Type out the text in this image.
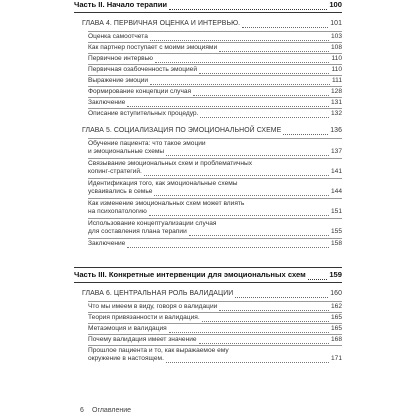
Часть II. Начало терапии	100
ГЛАВА 4. ПЕРВИЧНАЯ ОЦЕНКА И ИНТЕРВЬЮ.	101
Оценка самоотчета	103
Как партнер поступает с моими эмоциями	108
Первичное интервью	110
Первичная озабоченность эмоцией	110
Выражение эмоции	111
Формирование концепции случая	128
Заключение	131
Описание вступительных процедур.	132
ГЛАВА 5. СОЦИАЛИЗАЦИЯ ПО ЭМОЦИОНАЛЬНОЙ СХЕМЕ	136
Обучение пациента: что такое эмоции
и эмоциональные схемы	137
Связывание эмоциональных схем и проблематичных
копинг-стратегий.	141
Идентификация того, как эмоциональные схемы
усваивались в семье	144
Как изменение эмоциональных схем может влиять
на психопатологию	151
Использование концептуализации случая
для составления плана терапии	155
Заключение	158
Часть III. Конкретные интервенции для эмоциональных схем	159
ГЛАВА 6. ЦЕНТРАЛЬНАЯ РОЛЬ ВАЛИДАЦИИ	160
Что мы имеем в виду, говоря о валидации	162
Теория привязанности и валидация.	165
Метаэмоция и валидация	165
Почему валидация имеет значение	168
Прошлое пациента и то, как выражаемое ему
окружение в настоящем.	171
6 Оглавление
